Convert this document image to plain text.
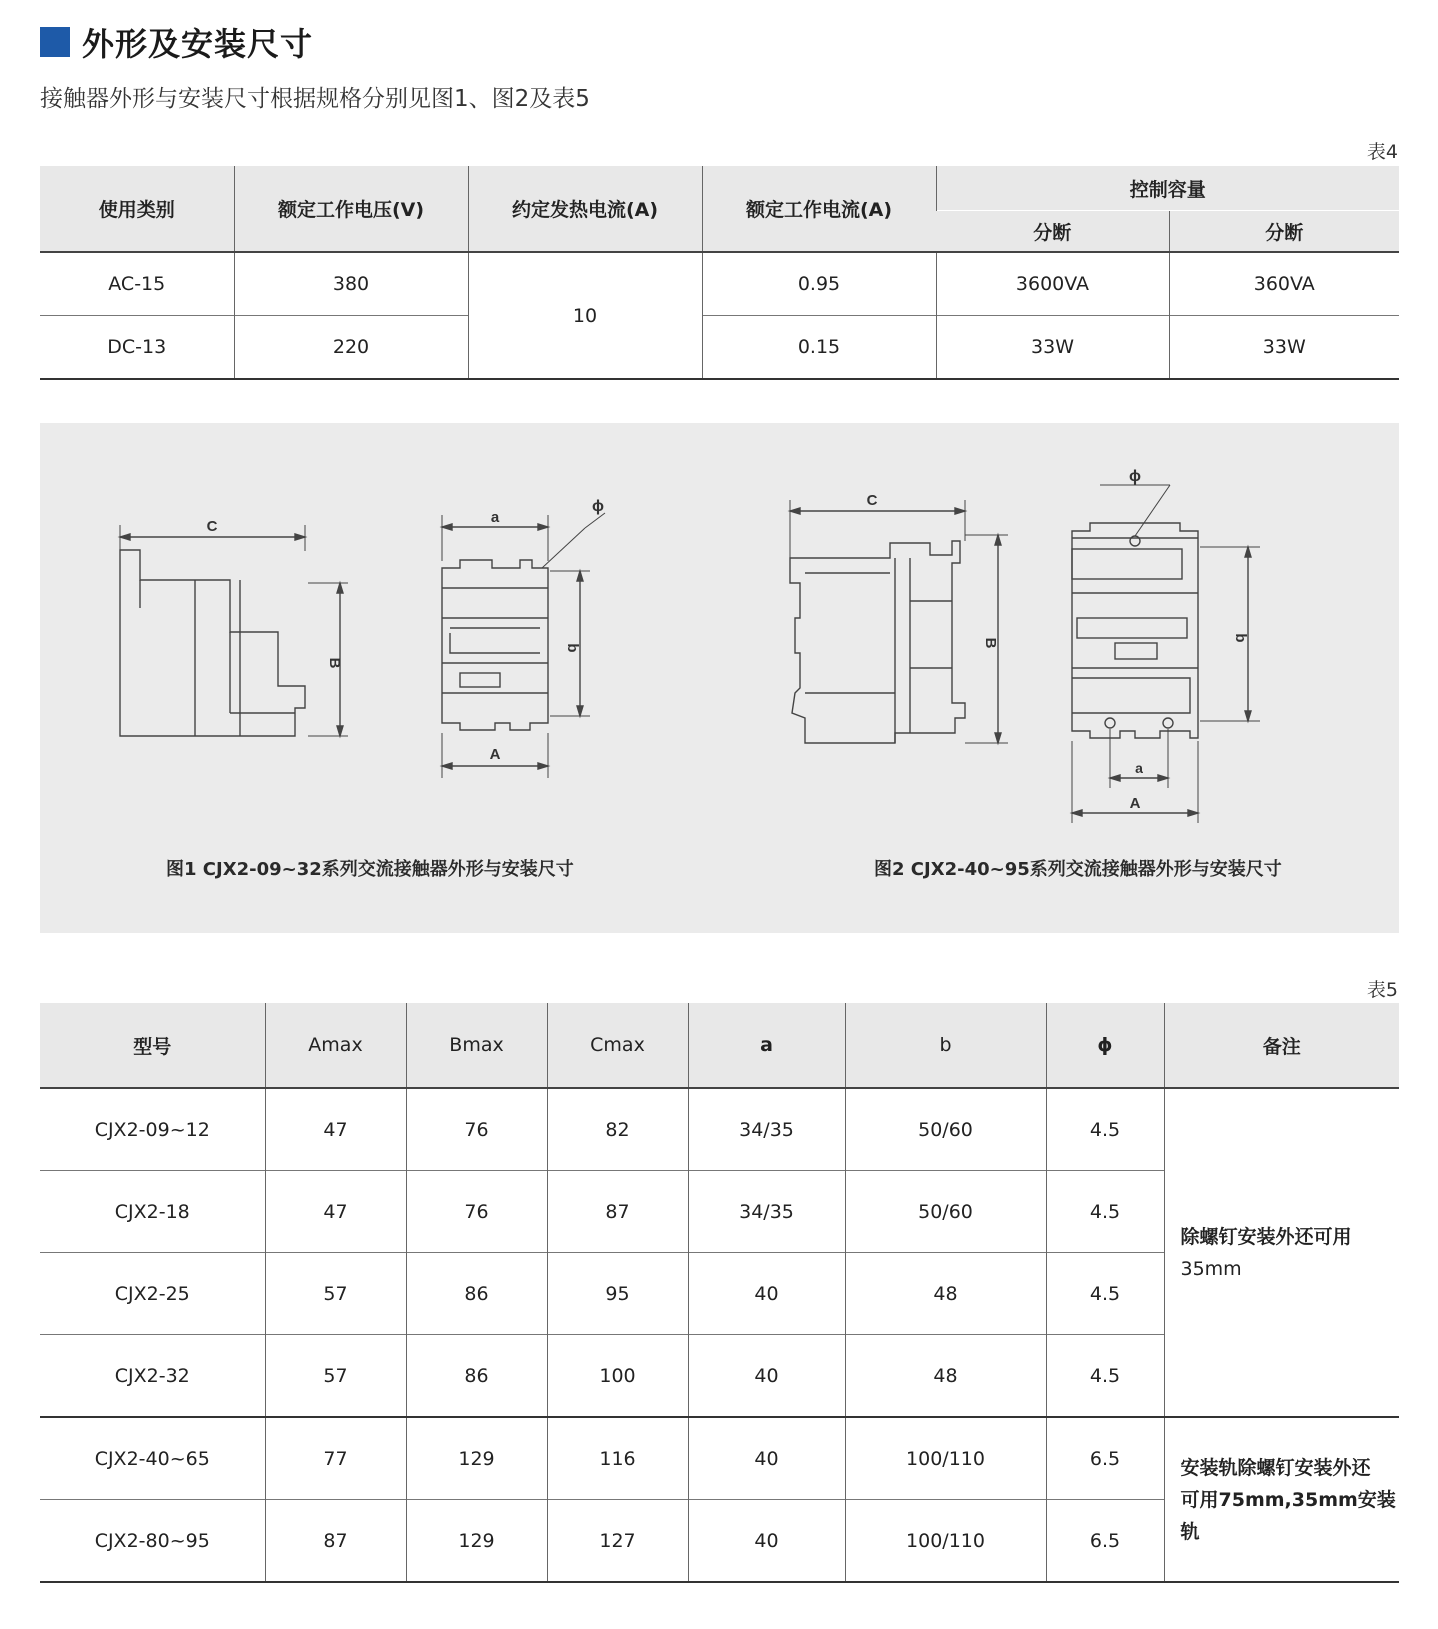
外形及安装尺寸
接触器外形与安装尺寸根据规格分别见图1、图2及表5
表4
使用类别	额定工作电压(V)	约定发热电流(A)	额定工作电流(A)	控制容量	
				分断	分断
AC-15	380	10	0.95	3600VA	360VA
DC-13	220		0.15	33W	33W
C
B
a
ϕ
b
A
C
B
ϕ
b
a
A
图1 CJX2-09~32系列交流接触器外形与安装尺寸	图2 CJX2-40~95系列交流接触器外形与安装尺寸
表5
型号	Amax	Bmax	Cmax	a	b	ϕ	备注
CJX2-09~12	47	76	82	34/35	50/60	4.5	除螺钉安装外还可用
35mm

CJX2-18	47	76	87	34/35	50/60	4.5	
CJX2-25	57	86	95	40	48	4.5	
CJX2-32	57	86	100	40	48	4.5	
CJX2-40~65	77	129	116	40	100/110	6.5	安装轨除螺钉安装外还
可用75mm,35mm安装轨

CJX2-80~95	87	129	127	40	100/110	6.5	
